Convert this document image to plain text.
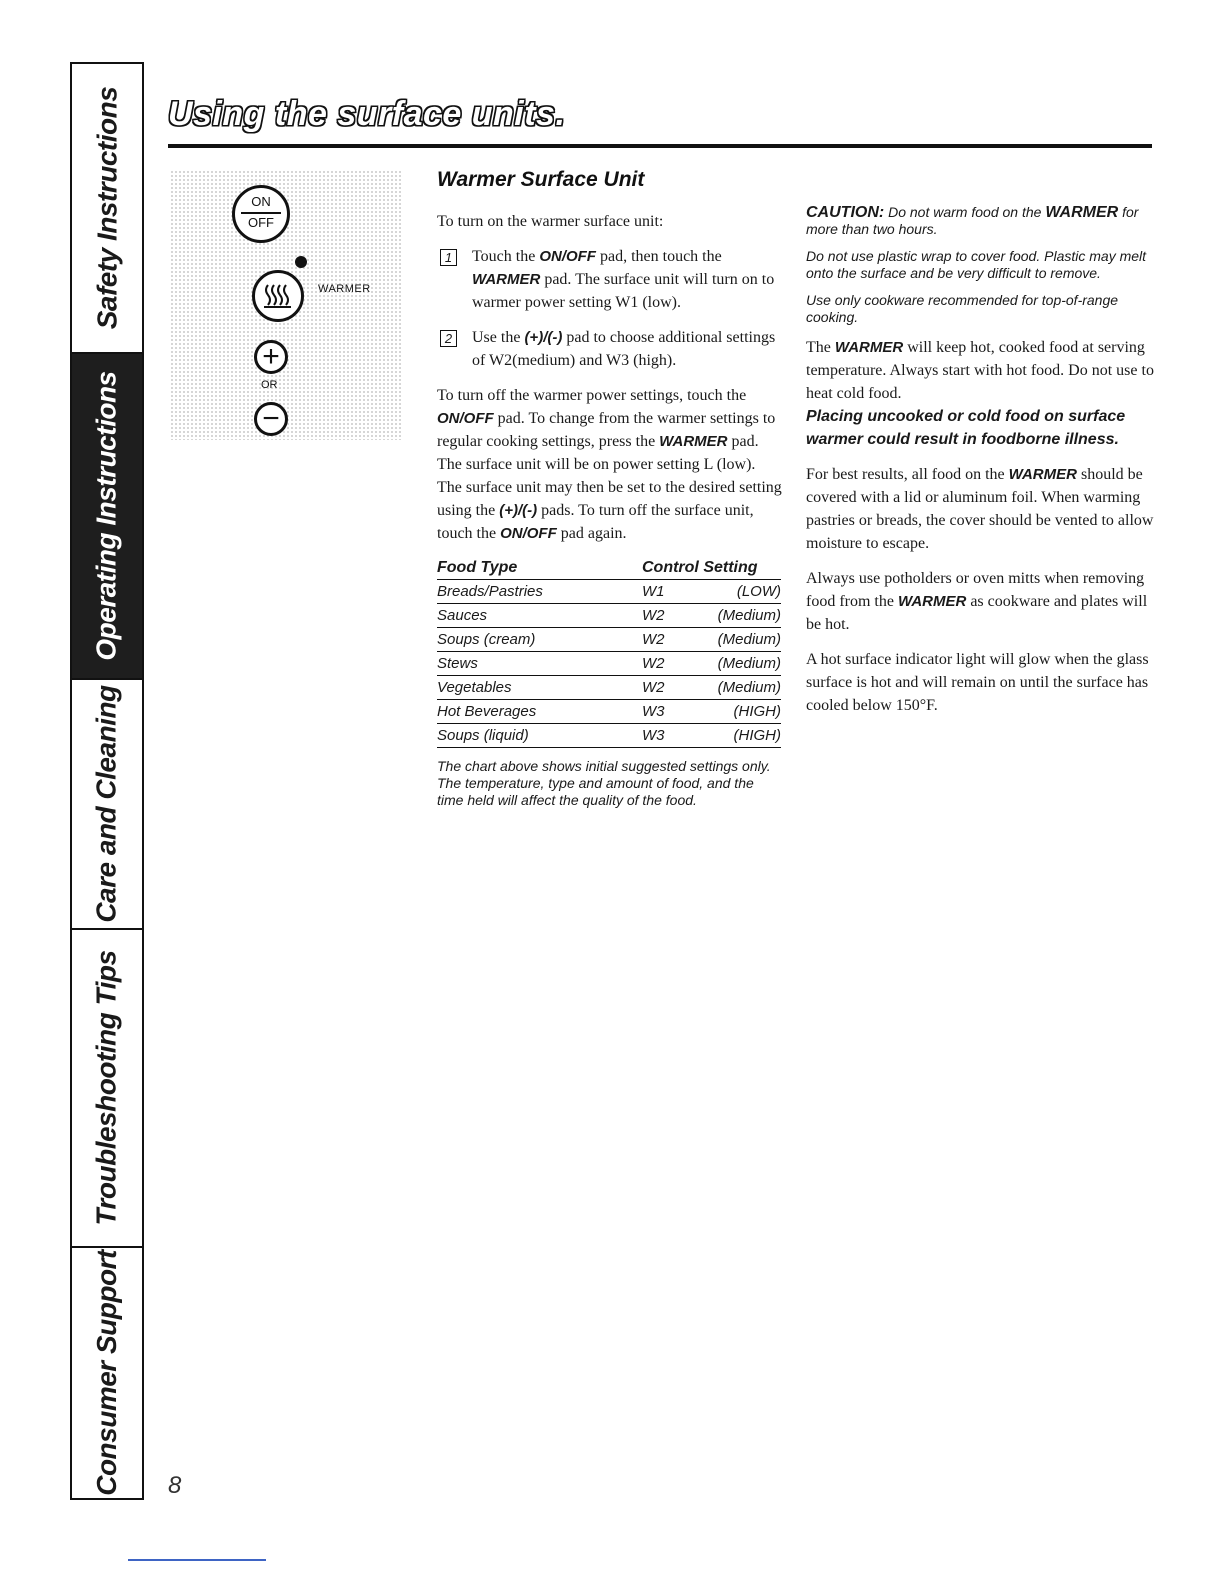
Safety Instructions
Operating Instructions
Care and Cleaning
Troubleshooting Tips
Consumer Support
Using the surface units.
ON
OFF
WARMER
+
OR
−
Warmer Surface Unit

To turn on the warmer surface unit:

1	Touch the ON/OFF pad, then touch the WARMER pad. The surface unit will turn on to warmer power setting W1 (low).

2	Use the (+)/(-) pad to choose additional settings of W2(medium) and W3 (high).

To turn off the warmer power settings, touch the ON/OFF pad. To change from the warmer settings to regular cooking settings, press the WARMER pad. The surface unit will be on power setting L (low). The surface unit may then be set to the desired setting using the (+)/(-) pads. To turn off the surface unit, touch the ON/OFF pad again.

Food Type	Control Setting	
Breads/Pastries	W1	(LOW)
Sauces	W2	(Medium)
Soups (cream)	W2	(Medium)
Stews	W2	(Medium)
Vegetables	W2	(Medium)
Hot Beverages	W3	(HIGH)
Soups (liquid)	W3	(HIGH)

The chart above shows initial suggested settings only. The temperature, type and amount of food, and the time held will affect the quality of the food.

CAUTION: Do not warm food on the WARMER for more than two hours.

Do not use plastic wrap to cover food. Plastic may melt onto the surface and be very difficult to remove.

Use only cookware recommended for top-of-range cooking.

The WARMER will keep hot, cooked food at serving temperature. Always start with hot food. Do not use to heat cold food.

Placing uncooked or cold food on surface warmer could result in foodborne illness.

For best results, all food on the WARMER should be covered with a lid or aluminum foil. When warming pastries or breads, the cover should be vented to allow moisture to escape.

Always use potholders or oven mitts when removing food from the WARMER as cookware and plates will be hot.

A hot surface indicator light will glow when the glass surface is hot and will remain on until the surface has cooled below 150°F.

8
